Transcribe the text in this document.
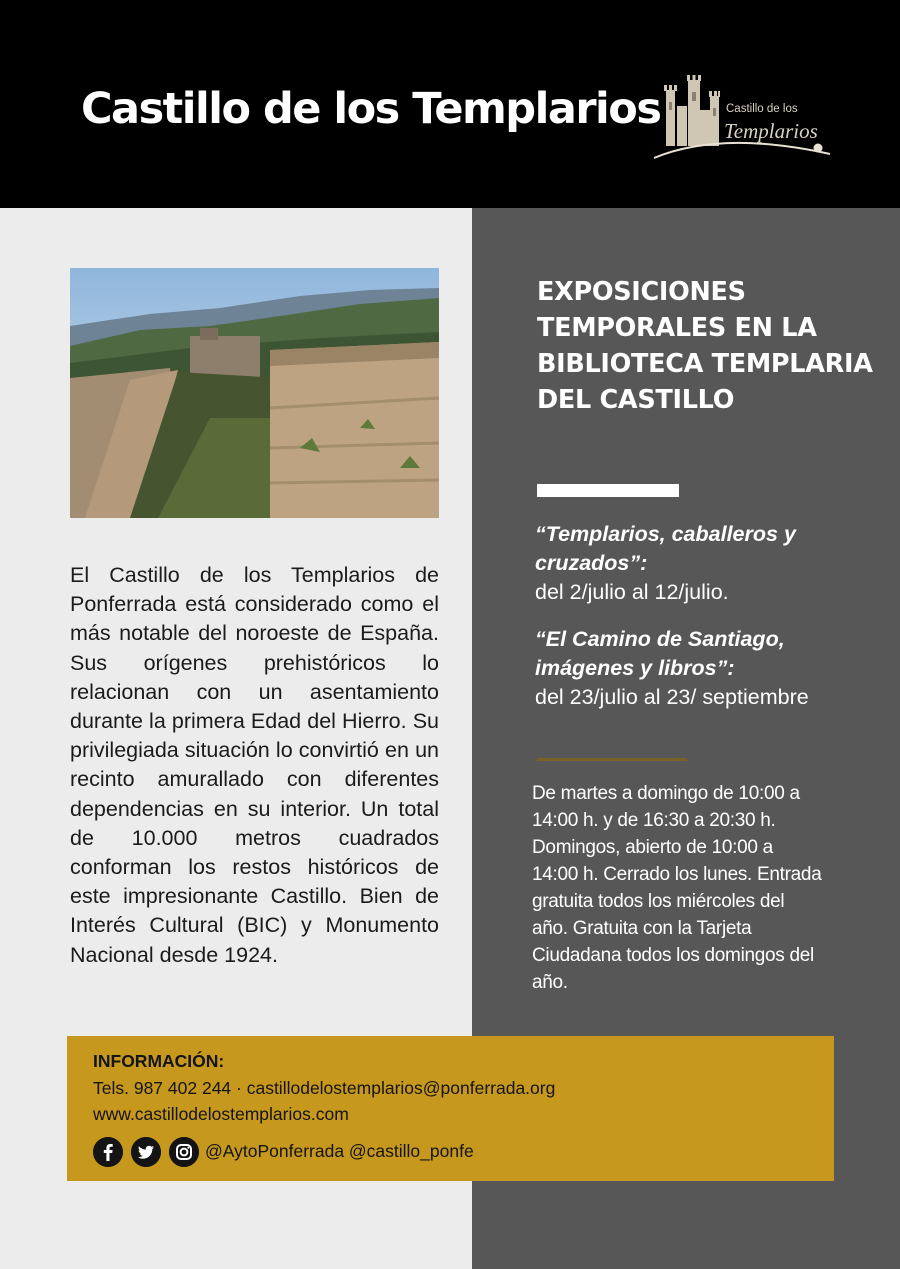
Castillo de los Templarios	Castillo de los
Templarios
El Castillo de los Templarios de Ponferrada está considerado como el más notable del noroeste de España. Sus orígenes prehistóricos lo relacionan con un asentamiento durante la primera Edad del Hierro. Su privilegiada situación lo convirtió en un recinto amurallado con diferentes dependencias en su interior. Un total de 10.000 metros cuadrados conforman los restos históricos de este impresionante Castillo. Bien de Interés Cultural (BIC) y Monumento Nacional desde 1924.
EXPOSICIONES TEMPORALES EN LA BIBLIOTECA TEMPLARIA DEL CASTILLO
“Templarios, caballeros y cruzados”:
del 2/julio al 12/julio.
“El Camino de Santiago, imágenes y libros”:
del 23/julio al 23/ septiembre
De martes a domingo de 10:00 a 14:00 h. y de 16:30 a 20:30 h. Domingos, abierto de 10:00 a 14:00 h. Cerrado los lunes. Entrada gratuita todos los miércoles del año. Gratuita con la Tarjeta Ciudadana todos los domingos del año.
INFORMACIÓN:
Tels. 987 402 244 · castillodelostemplarios@ponferrada.org
www.castillodelostemplarios.com
@AytoPonferrada @castillo_ponfe
